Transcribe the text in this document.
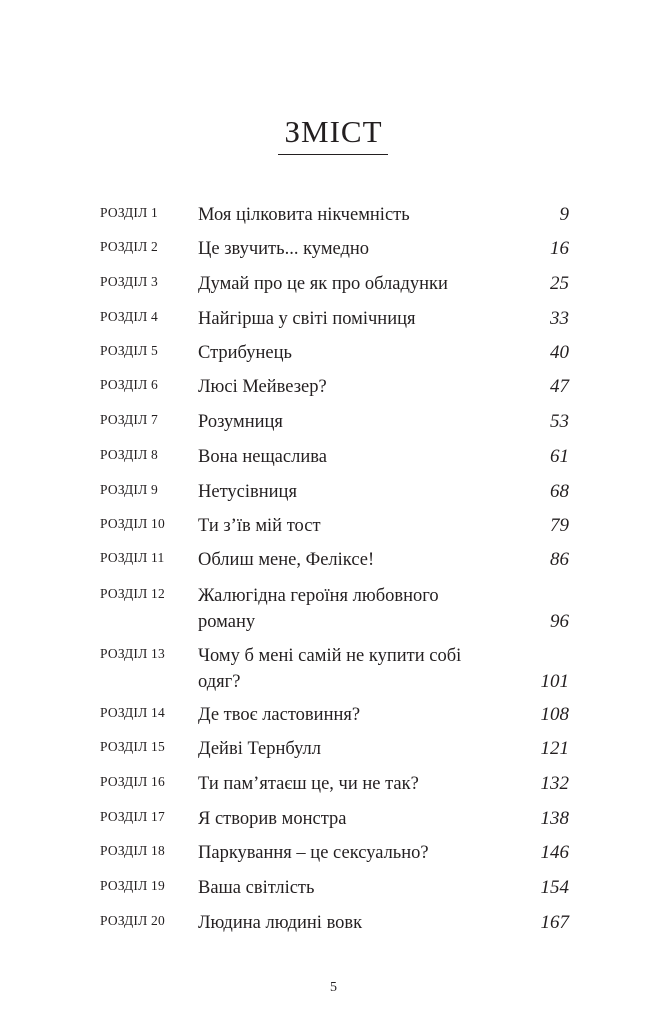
ЗМІСТ
РОЗДІЛ 1 Моя цілковита нікчемність	9
РОЗДІЛ 2 Це звучить... кумедно	16
РОЗДІЛ 3 Думай про це як про обладунки	25
РОЗДІЛ 4 Найгірша у світі помічниця	33
РОЗДІЛ 5 Стрибунець	40
РОЗДІЛ 6 Люсі Мейвезер?	47
РОЗДІЛ 7 Розумниця	53
РОЗДІЛ 8 Вона нещаслива	61
РОЗДІЛ 9 Нетусівниця	68
РОЗДІЛ 10 Ти з’їв мій тост	79
РОЗДІЛ 11 Облиш мене, Феліксе!	86
РОЗДІЛ 12 Жалюгідна героїня любовного
роману	96
РОЗДІЛ 13 Чому б мені самій не купити собі
одяг?	101
РОЗДІЛ 14 Де твоє ластовиння?	108
РОЗДІЛ 15 Дейві Тернбулл	121
РОЗДІЛ 16 Ти пам’ятаєш це, чи не так?	132
РОЗДІЛ 17 Я створив монстра	138
РОЗДІЛ 18 Паркування – це сексуально?	146
РОЗДІЛ 19 Ваша світлість	154
РОЗДІЛ 20 Людина людині вовк	167
5
